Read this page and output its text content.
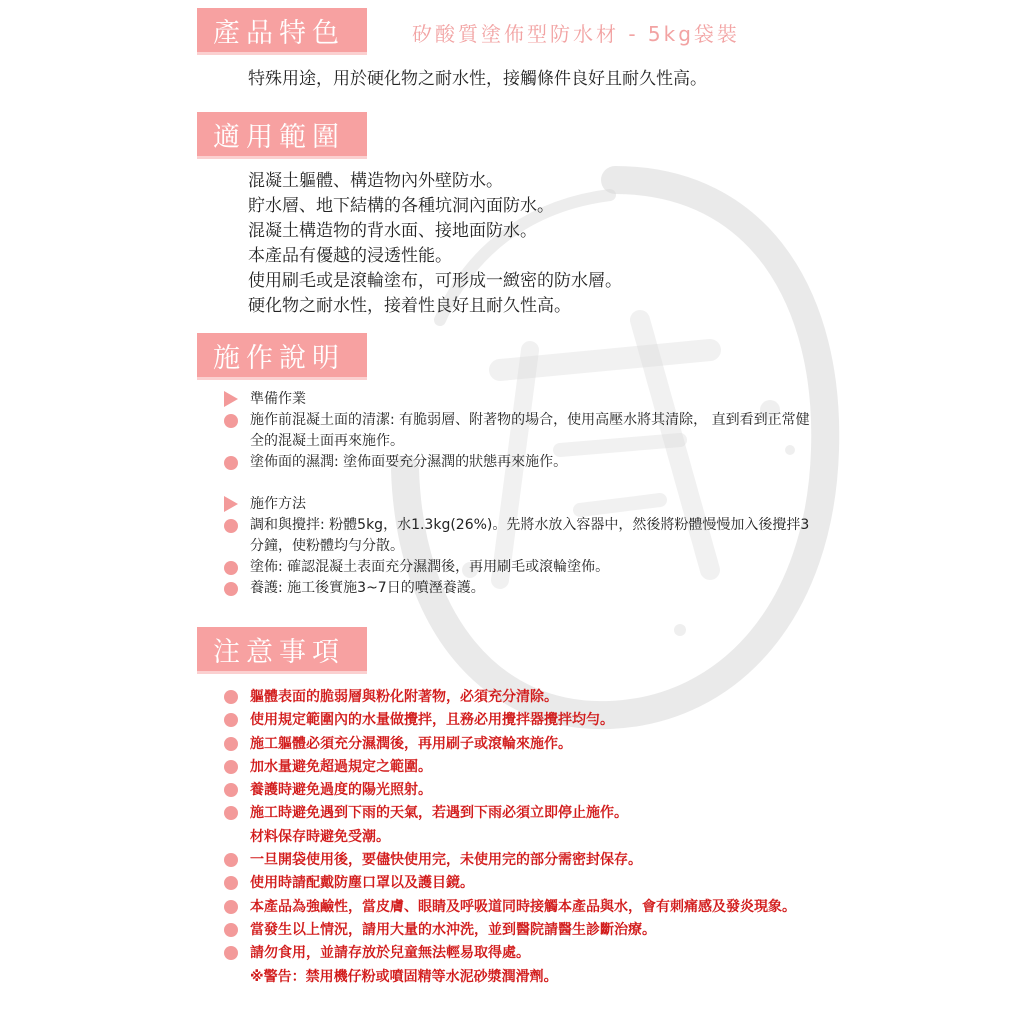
矽酸質塗佈型防水材 - 5kg袋裝
產品特色
特殊用途，用於硬化物之耐水性，接觸條件良好且耐久性高。
適用範圍
混凝土軀體、構造物內外壁防水。
貯水層、地下結構的各種坑洞內面防水。
混凝土構造物的背水面、接地面防水。
本產品有優越的浸透性能。
使用刷毛或是滾輪塗布，可形成一緻密的防水層。
硬化物之耐水性，接着性良好且耐久性高。
施作說明
準備作業
施作前混凝土面的清潔: 有脆弱層、附著物的場合，使用高壓水將其清除， 直到看到正常健全的混凝土面再來施作。
塗佈面的濕潤: 塗佈面要充分濕潤的狀態再來施作。
施作方法
調和與攪拌: 粉體5kg，水1.3kg(26%)。先將水放入容器中，然後將粉體慢慢加入後攪拌3分鐘，使粉體均勻分散。
塗佈: 確認混凝土表面充分濕潤後，再用刷毛或滾輪塗佈。
養護: 施工後實施3~7日的噴溼養護。
注意事項
軀體表面的脆弱層與粉化附著物，必須充分清除。
使用規定範圍內的水量做攪拌，且務必用攪拌器攪拌均勻。
施工軀體必須充分濕潤後，再用刷子或滾輪來施作。
加水量避免超過規定之範圍。
養護時避免過度的陽光照射。
施工時避免遇到下雨的天氣，若遇到下雨必須立即停止施作。
材料保存時避免受潮。
一旦開袋使用後，要儘快使用完，未使用完的部分需密封保存。
使用時請配戴防塵口罩以及護目鏡。
本產品為強鹼性，當皮膚、眼睛及呼吸道同時接觸本產品與水，會有刺痛感及發炎現象。
當發生以上情況，請用大量的水沖洗，並到醫院請醫生診斷治療。
請勿食用，並請存放於兒童無法輕易取得處。
※警告：禁用機仔粉或噴固精等水泥砂漿潤滑劑。
